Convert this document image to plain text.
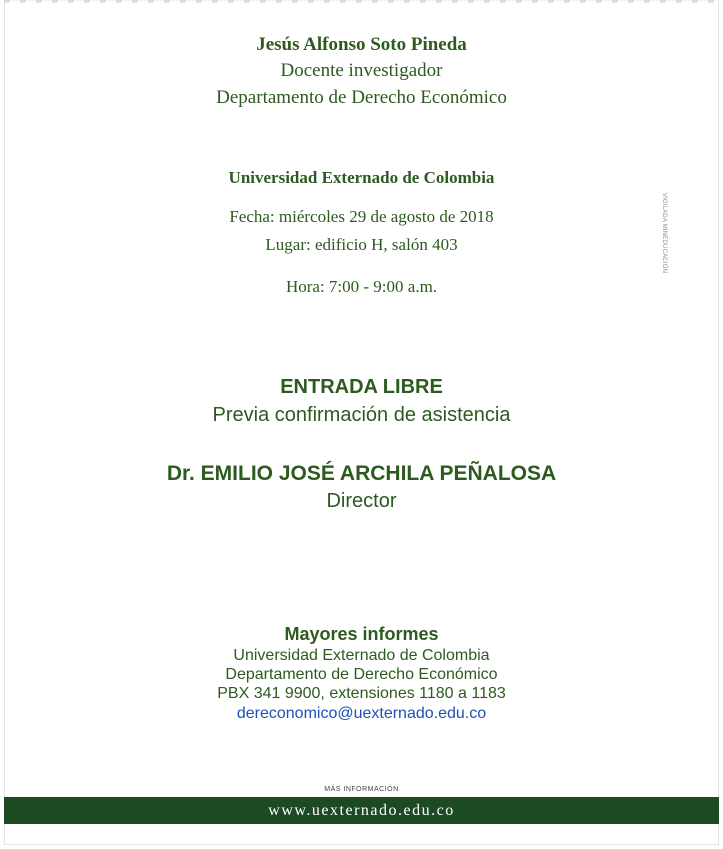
Jesús Alfonso Soto Pineda
Docente investigador
Departamento de Derecho Económico
Universidad Externado de Colombia
Fecha: miércoles 29 de agosto de 2018
Lugar: edificio H, salón 403
Hora: 7:00 - 9:00 a.m.
VIGILADA MINEDUCACIÓN
ENTRADA LIBRE
Previa confirmación de asistencia
Dr. EMILIO JOSÉ ARCHILA PEÑALOSA
Director
Mayores informes
Universidad Externado de Colombia
Departamento de Derecho Económico
PBX 341 9900, extensiones 1180 a 1183
dereconomico@uexternado.edu.co
MÁS INFORMACIÓN
www.uexternado.edu.co
